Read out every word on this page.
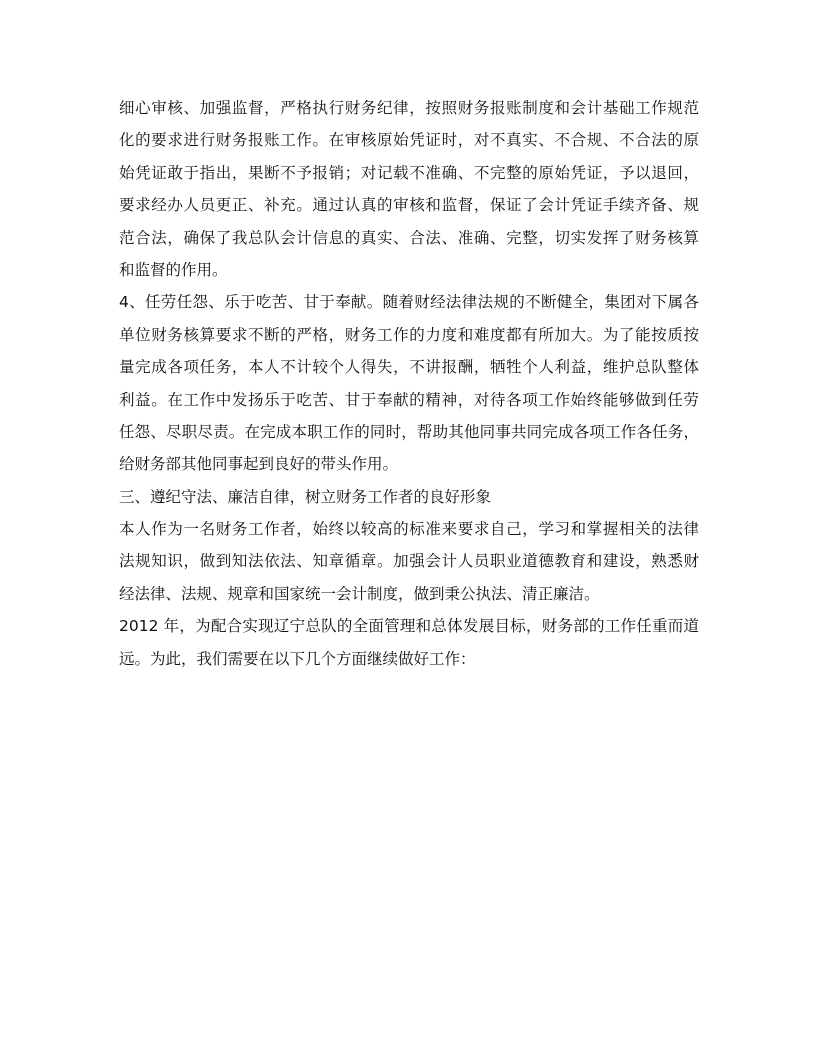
细心审核、加强监督，严格执行财务纪律，按照财务报账制度和会计基础工作规范
化的要求进行财务报账工作。在审核原始凭证时，对不真实、不合规、不合法的原
始凭证敢于指出，果断不予报销；对记载不准确、不完整的原始凭证，予以退回，
要求经办人员更正、补充。通过认真的审核和监督，保证了会计凭证手续齐备、规
范合法，确保了我总队会计信息的真实、合法、准确、完整，切实发挥了财务核算
和监督的作用。
4、任劳任怨、乐于吃苦、甘于奉献。随着财经法律法规的不断健全，集团对下属各
单位财务核算要求不断的严格，财务工作的力度和难度都有所加大。为了能按质按
量完成各项任务，本人不计较个人得失，不讲报酬，牺牲个人利益，维护总队整体
利益。在工作中发扬乐于吃苦、甘于奉献的精神，对待各项工作始终能够做到任劳
任怨、尽职尽责。在完成本职工作的同时，帮助其他同事共同完成各项工作各任务，
给财务部其他同事起到良好的带头作用。
三、遵纪守法、廉洁自律，树立财务工作者的良好形象
本人作为一名财务工作者，始终以较高的标准来要求自己，学习和掌握相关的法律
法规知识，做到知法依法、知章循章。加强会计人员职业道德教育和建设，熟悉财
经法律、法规、规章和国家统一会计制度，做到秉公执法、清正廉洁。
2012 年，为配合实现辽宁总队的全面管理和总体发展目标，财务部的工作任重而道
远。为此，我们需要在以下几个方面继续做好工作：
